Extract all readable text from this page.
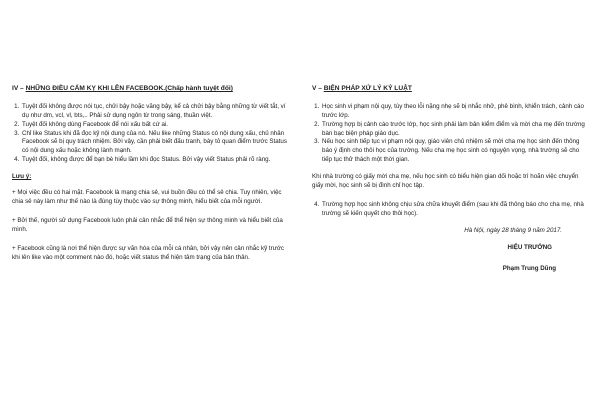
IV – NHỮNG ĐIỀU CẤM KỴ KHI LÊN FACEBOOK.(Chấp hành tuyệt đối)
1. Tuyệt đối không được nói tục, chửi bậy hoặc văng bậy, kể cả chửi bậy bằng những từ viết tắt, ví dụ như dm, vcl, vl, bts,.. Phải sử dụng ngôn từ trong sáng, thuần việt.
2. Tuyệt đối không dùng Facebook để nói xấu bất cứ ai.
3. Chỉ like Status khi đã đọc kỹ nội dung của nó. Nếu like những Status có nội dung xấu, chủ nhân Facebook sẽ bị quy trách nhiệm. Bởi vậy, cần phải biết đấu tranh, bày tỏ quan điểm trước Status có nội dung xấu hoặc không lành mạnh.
4. Tuyệt đối, không được để bạn bè hiểu lầm khi đọc Status. Bởi vậy viết Status phải rõ ràng.
Lưu ý:

+ Mọi việc đều có hai mặt. Facebook là mạng chia sẻ, vui buồn đều có thể sẻ chia. Tuy nhiên, việc chia sẻ này làm như thế nào là đúng tùy thuộc vào sự thông minh, hiểu biết của mỗi người.

+ Bởi thế, người sử dụng Facebook luôn phải cân nhắc để thể hiện sự thông minh và hiểu biết của mình.

+ Facebook cũng là nơi thể hiện được sự văn hóa của mỗi cá nhân, bởi vậy nên cân nhắc kỹ trước khi lên like vào một comment nào đó, hoặc viết status thể hiện tâm trạng của bản thân.

V – BIỆN PHÁP XỬ LÝ KỶ LUẬT
1. Học sinh vi phạm nội quy, tùy theo lỗi nặng nhẹ sẽ bị nhắc nhở, phê bình, khiển trách, cảnh cáo trước lớp.
2. Trường hợp bị cảnh cáo trước lớp, học sinh phải làm bản kiểm điểm và mời cha mẹ đến trường bàn bạc biện pháp giáo dục.
3. Nếu học sinh tiếp tục vi phạm nội quy, giáo viên chủ nhiệm sẽ mời cha mẹ học sinh đến thông báo ý định cho thôi học của trường. Nếu cha mẹ học sinh có nguyện vọng, nhà trường sẽ cho tiếp tục thử thách một thời gian.

Khi nhà trường có giấy mời cha mẹ, nếu học sinh có biểu hiện gian dối hoặc trì hoãn việc chuyển giấy mời, học sinh sẽ bị đình chỉ học tập.

4. Trường hợp học sinh không chịu sửa chữa khuyết điểm (sau khi đã thông báo cho cha mẹ, nhà trường sẽ kiến quyết cho thôi học).
Hà Nội, ngày 28 tháng 9 năm 2017.
HIỆU TRƯỞNG
Phạm Trung Dũng
